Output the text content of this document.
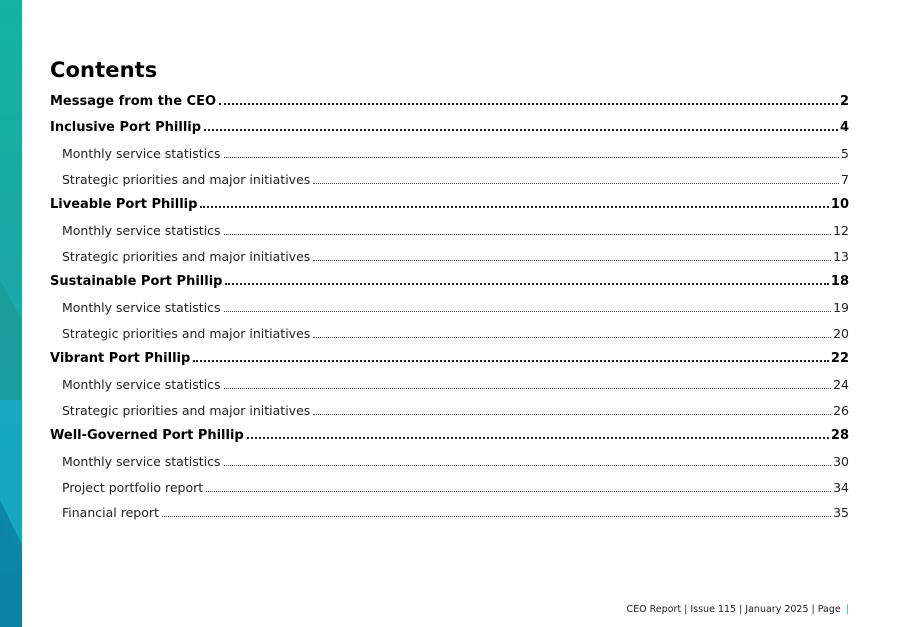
Contents
Message from the CEO	2
Inclusive Port Phillip	4
Monthly service statistics	5
Strategic priorities and major initiatives	7
Liveable Port Phillip	10
Monthly service statistics	12
Strategic priorities and major initiatives	13
Sustainable Port Phillip	18
Monthly service statistics	19
Strategic priorities and major initiatives	20
Vibrant Port Phillip	22
Monthly service statistics	24
Strategic priorities and major initiatives	26
Well-Governed Port Phillip	28
Monthly service statistics	30
Project portfolio report	34
Financial report	35
CEO Report | Issue 115 | January 2025 | Page |
